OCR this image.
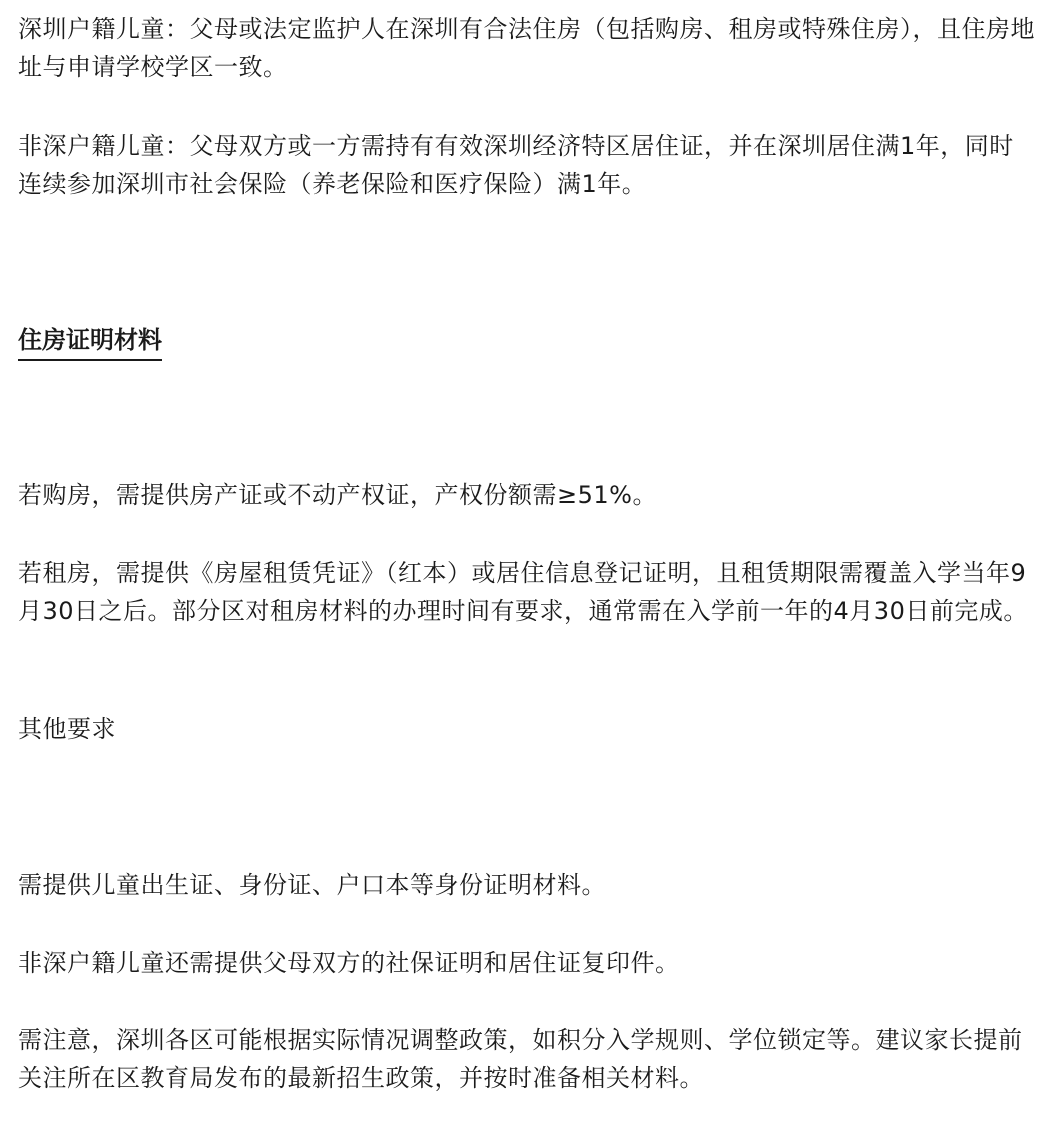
深圳户籍儿童：父母或法定监护人在深圳有合法住房（包括购房、租房或特殊住房），且住房地址与申请学校学区一致。

非深户籍儿童：父母双方或一方需持有有效深圳经济特区居住证，并在深圳居住满1年，同时连续参加深圳市社会保险（养老保险和医疗保险）满1年。

住房证明材料

若购房，需提供房产证或不动产权证，产权份额需≥51%。

若租房，需提供《房屋租赁凭证》（红本）或居住信息登记证明，且租赁期限需覆盖入学当年9月30日之后。部分区对租房材料的办理时间有要求，通常需在入学前一年的4月30日前完成。

其他要求

需提供儿童出生证、身份证、户口本等身份证明材料。

非深户籍儿童还需提供父母双方的社保证明和居住证复印件。

需注意，深圳各区可能根据实际情况调整政策，如积分入学规则、学位锁定等。建议家长提前关注所在区教育局发布的最新招生政策，并按时准备相关材料。
